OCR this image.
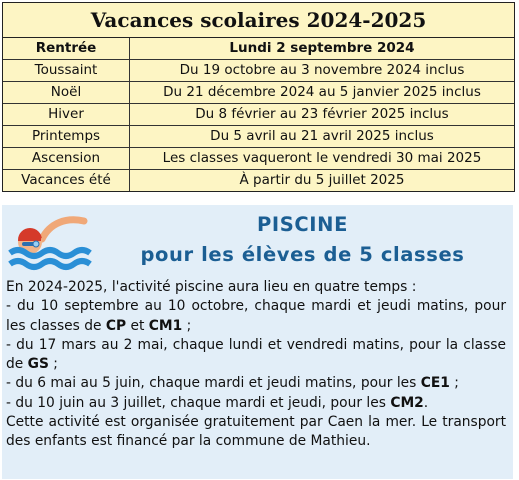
Vacances scolaires 2024-2025
Rentrée	Lundi 2 septembre 2024
Toussaint	Du 19 octobre au 3 novembre 2024 inclus
Noël	Du 21 décembre 2024 au 5 janvier 2025 inclus
Hiver	Du 8 février au 23 février 2025 inclus
Printemps	Du 5 avril au 21 avril 2025 inclus
Ascension	Les classes vaqueront le vendredi 30 mai 2025
Vacances été	À partir du 5 juillet 2025
PISCINE
pour les élèves de 5 classes

En 2024-2025, l'activité piscine aura lieu en quatre temps :

- du 10 septembre au 10 octobre, chaque mardi et jeudi matins, pour les classes de CP et CM1 ;

- du 17 mars au 2 mai, chaque lundi et vendredi matins, pour la classe de GS ;

- du 6 mai au 5 juin, chaque mardi et jeudi matins, pour les CE1 ;

- du 10 juin au 3 juillet, chaque mardi et jeudi, pour les CM2.

Cette activité est organisée gratuitement par Caen la mer. Le transport des enfants est financé par la commune de Mathieu.
